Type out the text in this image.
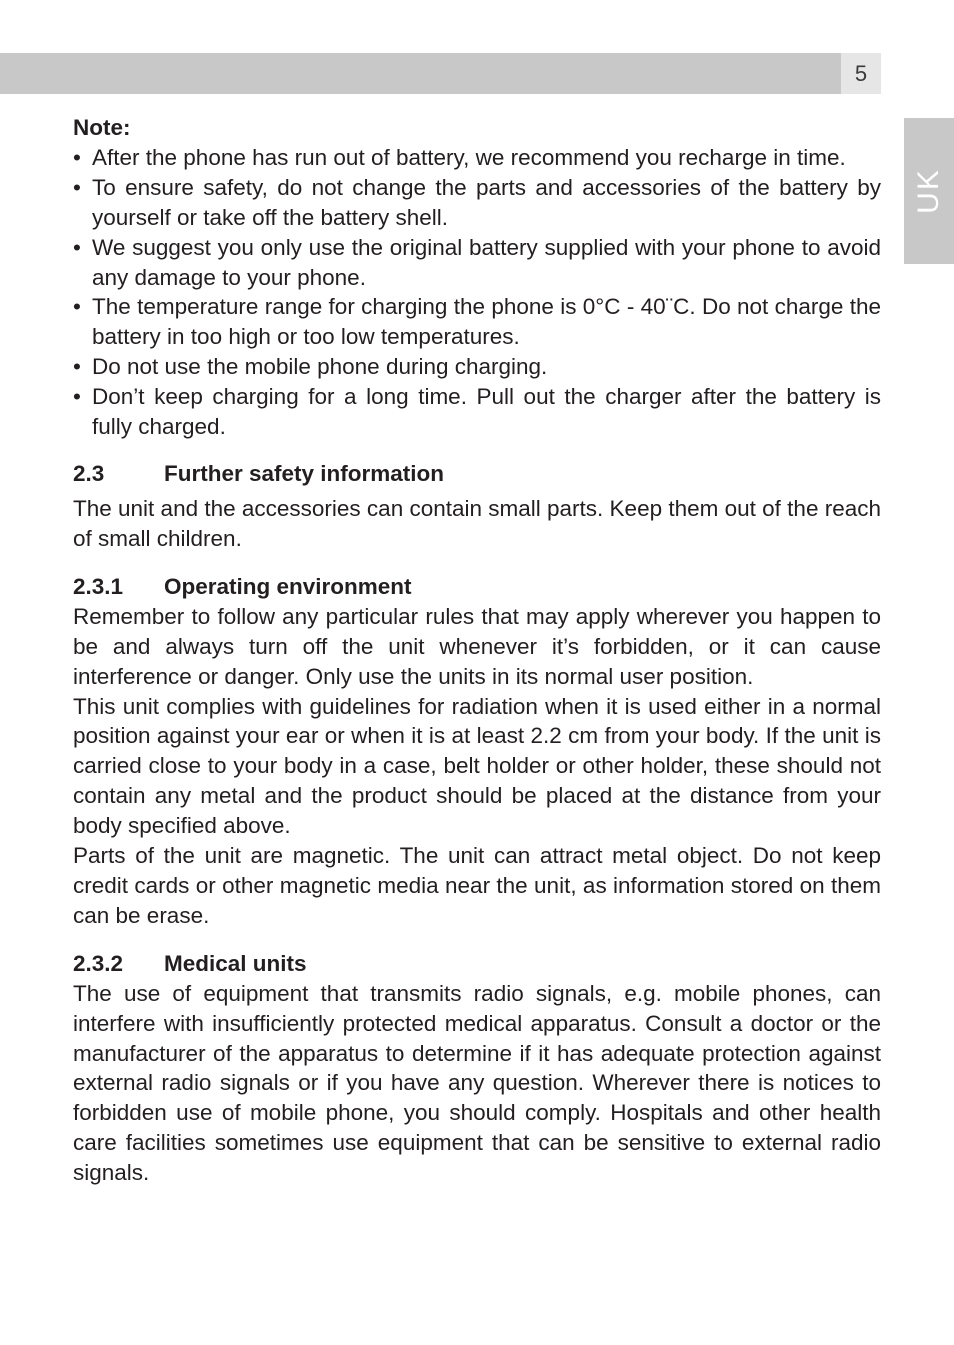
5
UK

Note:

• After the phone has run out of battery, we recommend you recharge in time.
• To ensure safety, do not change the parts and accessories of the battery by yourself or take off the battery shell.
• We suggest you only use the original battery supplied with your phone to avoid any damage to your phone.
• The temperature range for charging the phone is 0°C - 40¨C. Do not charge the battery in too high or too low temperatures.
• Do not use the mobile phone during charging.
• Don’t keep charging for a long time. Pull out the charger after the battery is fully charged.
2.3	Further safety information

The unit and the accessories can contain small parts. Keep them out of the reach of small children.

2.3.1	Operating environment

Remember to follow any particular rules that may apply wherever you happen to be and always turn off the unit whenever it’s forbidden, or it can cause interference or danger. Only use the units in its normal user position.

This unit complies with guidelines for radiation when it is used either in a normal position against your ear or when it is at least 2.2 cm from your body. If the unit is carried close to your body in a case, belt holder or other holder, these should not contain any metal and the product should be placed at the distance from your body specified above.

Parts of the unit are magnetic. The unit can attract metal object. Do not keep credit cards or other magnetic media near the unit, as information stored on them can be erase.

2.3.2	Medical units

The use of equipment that transmits radio signals, e.g. mobile phones, can interfere with insufficiently protected medical apparatus. Consult a doctor or the manufacturer of the apparatus to determine if it has adequate protection against external radio signals or if you have any question. Wherever there is notices to forbidden use of mobile phone, you should comply. Hospitals and other health care facilities sometimes use equipment that can be sensitive to external radio signals.
